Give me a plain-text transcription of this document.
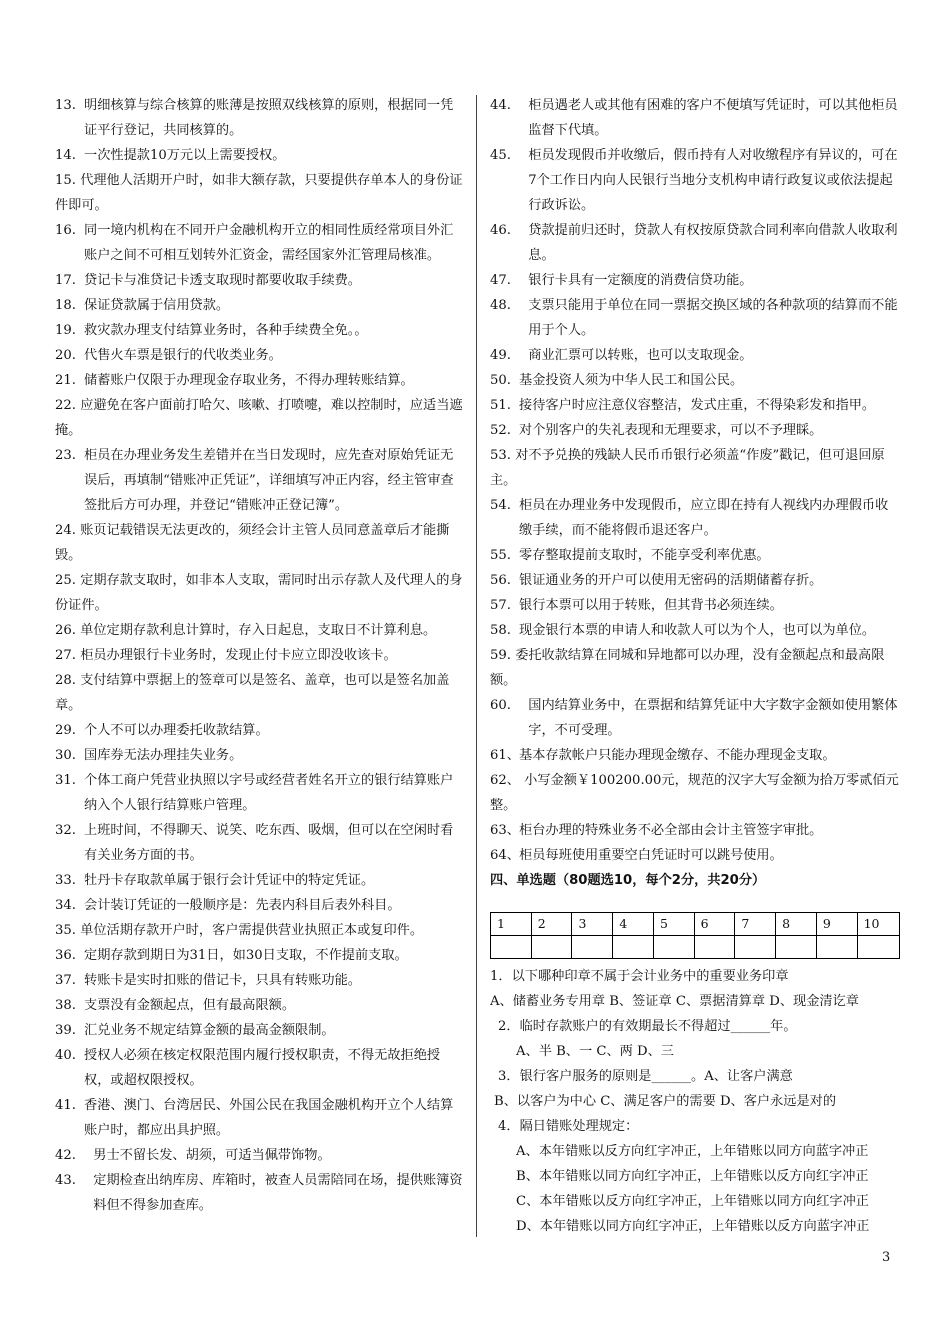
13. 明细核算与综合核算的账薄是按照双线核算的原则，根据同一凭证平行登记，共同核算的。
14. 一次性提款10万元以上需要授权。
15. 代理他人活期开户时，如非大额存款，只要提供存单本人的身份证件即可。
16. 同一境内机构在不同开户金融机构开立的相同性质经常项目外汇账户之间不可相互划转外汇资金，需经国家外汇管理局核准。
17. 贷记卡与准贷记卡透支取现时都要收取手续费。
18. 保证贷款属于信用贷款。
19. 救灾款办理支付结算业务时，各种手续费全免。。
20. 代售火车票是银行的代收类业务。
21. 储蓄账户仅限于办理现金存取业务，不得办理转账结算。
22. 应避免在客户面前打哈欠、咳嗽、打喷嚏，难以控制时，应适当遮掩。
23. 柜员在办理业务发生差错并在当日发现时，应先查对原始凭证无误后，再填制“错账冲正凭证”，详细填写冲正内容，经主管审查签批后方可办理，并登记“错账冲正登记簿”。
24. 账页记载错误无法更改的，须经会计主管人员同意盖章后才能撕毁。
25. 定期存款支取时，如非本人支取，需同时出示存款人及代理人的身份证件。
26. 单位定期存款利息计算时，存入日起息，支取日不计算利息。
27. 柜员办理银行卡业务时，发现止付卡应立即没收该卡。
28. 支付结算中票据上的签章可以是签名、盖章，也可以是签名加盖章。
29. 个人不可以办理委托收款结算。
30. 国库券无法办理挂失业务。
31. 个体工商户凭营业执照以字号或经营者姓名开立的银行结算账户纳入个人银行结算账户管理。
32. 上班时间，不得聊天、说笑、吃东西、吸烟，但可以在空闲时看有关业务方面的书。
33. 牡丹卡存取款单属于银行会计凭证中的特定凭证。
34. 会计装订凭证的一般顺序是：先表内科目后表外科目。
35. 单位活期存款开户时，客户需提供营业执照正本或复印件。
36. 定期存款到期日为31日，如30日支取，不作提前支取。
37. 转账卡是实时扣账的借记卡，只具有转账功能。
38. 支票没有金额起点，但有最高限额。
39. 汇兑业务不规定结算金额的最高金额限制。
40. 授权人必须在核定权限范围内履行授权职责，不得无故拒绝授权，或超权限授权。
41. 香港、澳门、台湾居民、外国公民在我国金融机构开立个人结算账户时，都应出具护照。
42.	男士不留长发、胡须，可适当佩带饰物。
43.	定期检查出纳库房、库箱时，被查人员需陪同在场，提供账簿资料但不得参加查库。
44.	柜员遇老人或其他有困难的客户不便填写凭证时，可以其他柜员监督下代填。
45.	柜员发现假币并收缴后，假币持有人对收缴程序有异议的，可在7个工作日内向人民银行当地分支机构申请行政复议或依法提起行政诉讼。
46.	贷款提前归还时，贷款人有权按原贷款合同利率向借款人收取利息。
47.	银行卡具有一定额度的消费信贷功能。
48.	支票只能用于单位在同一票据交换区域的各种款项的结算而不能用于个人。
49.	商业汇票可以转账，也可以支取现金。
50. 基金投资人须为中华人民工和国公民。
51. 接待客户时应注意仪容整洁，发式庄重，不得染彩发和指甲。
52. 对个别客户的失礼表现和无理要求，可以不予理睬。
53. 对不予兑换的残缺人民币币银行必须盖“作废”戳记，但可退回原主。
54. 柜员在办理业务中发现假币，应立即在持有人视线内办理假币收缴手续，而不能将假币退还客户。
55. 零存整取提前支取时，不能享受利率优惠。
56. 银证通业务的开户可以使用无密码的活期储蓄存折。
57. 银行本票可以用于转账，但其背书必须连续。
58. 现金银行本票的申请人和收款人可以为个人，也可以为单位。
59. 委托收款结算在同城和异地都可以办理，没有金额起点和最高限额。
60.	国内结算业务中，在票据和结算凭证中大字数字金额如使用繁体字，不可受理。
61、 基本存款帐户只能办理现金缴存、不能办理现金支取。
62、 小写金额￥100200.00元，规范的汉字大写金额为拾万零贰佰元整。
63、 柜台办理的特殊业务不必全部由会计主管签字审批。
64、 柜员每班使用重要空白凭证时可以跳号使用。
四、单选题（80题选10，每个2分，共20分）
1	2	3	4	5	6	7	8	9	10

1．以下哪种印章不属于会计业务中的重要业务印章
A、储蓄业务专用章 B、签证章 C、票据清算章 D、现金清讫章
2．临时存款账户的有效期最长不得超过______年。
A、半 B、一 C、两 D、三
3．银行客户服务的原则是______。A、让客户满意
B、以客户为中心 C、满足客户的需要 D、客户永远是对的
4．隔日错账处理规定：
A、本年错账以反方向红字冲正，上年错账以同方向蓝字冲正
B、本年错账以同方向红字冲正，上年错账以反方向红字冲正
C、本年错账以反方向红字冲正，上年错账以同方向红字冲正
D、本年错账以同方向红字冲正，上年错账以反方向蓝字冲正
3
